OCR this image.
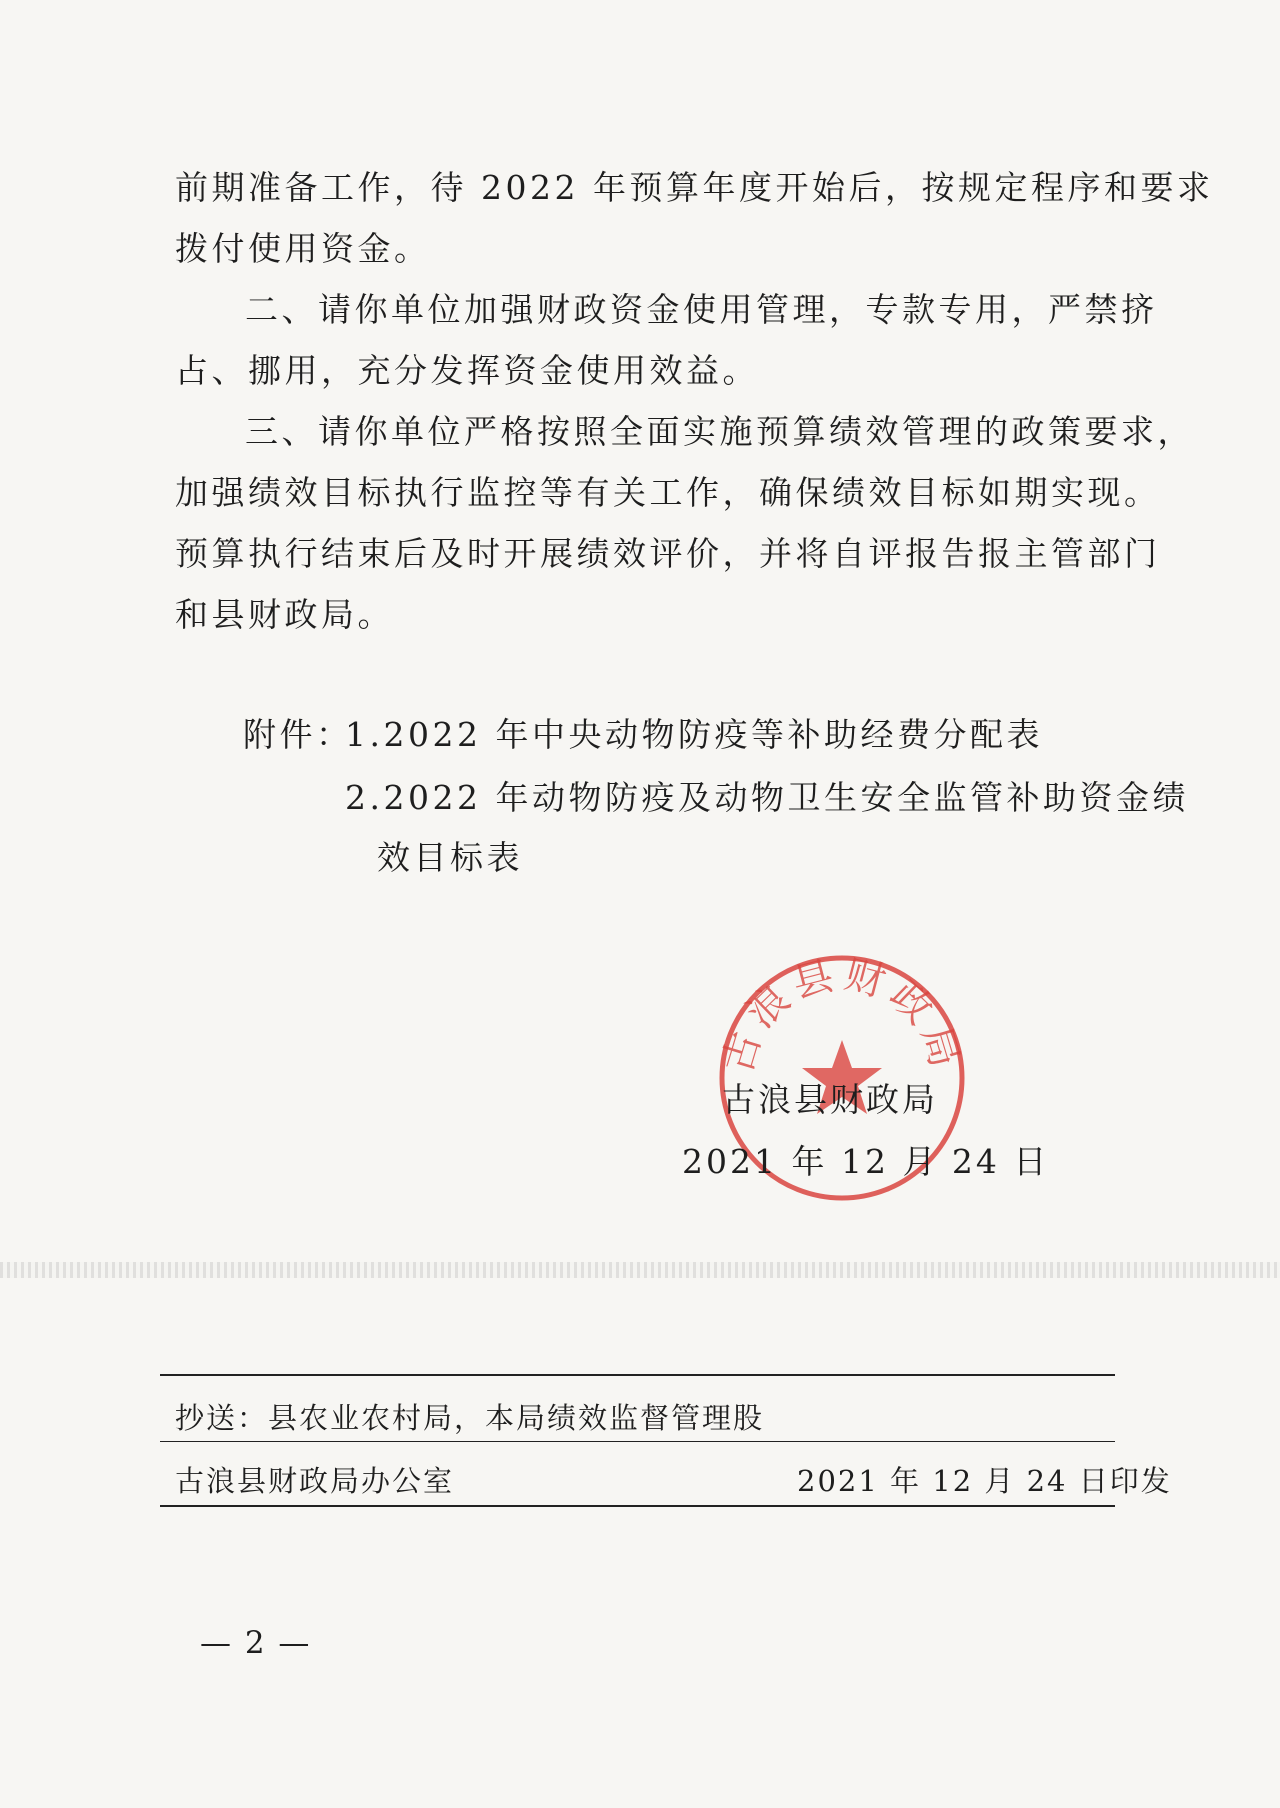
前期准备工作，待 2022 年预算年度开始后，按规定程序和要求
拨付使用资金。
二、请你单位加强财政资金使用管理，专款专用，严禁挤
占、挪用，充分发挥资金使用效益。
三、请你单位严格按照全面实施预算绩效管理的政策要求，
加强绩效目标执行监控等有关工作，确保绩效目标如期实现。
预算执行结束后及时开展绩效评价，并将自评报告报主管部门
和县财政局。
附件：
1.2022 年中央动物防疫等补助经费分配表
2.2022 年动物防疫及动物卫生安全监管补助资金绩
效目标表
古浪县财政局
古浪县财政局
2021 年 12 月 24 日
抄送：县农业农村局，本局绩效监督管理股
古浪县财政局办公室	2021 年 12 月 24 日印发
— 2 —
